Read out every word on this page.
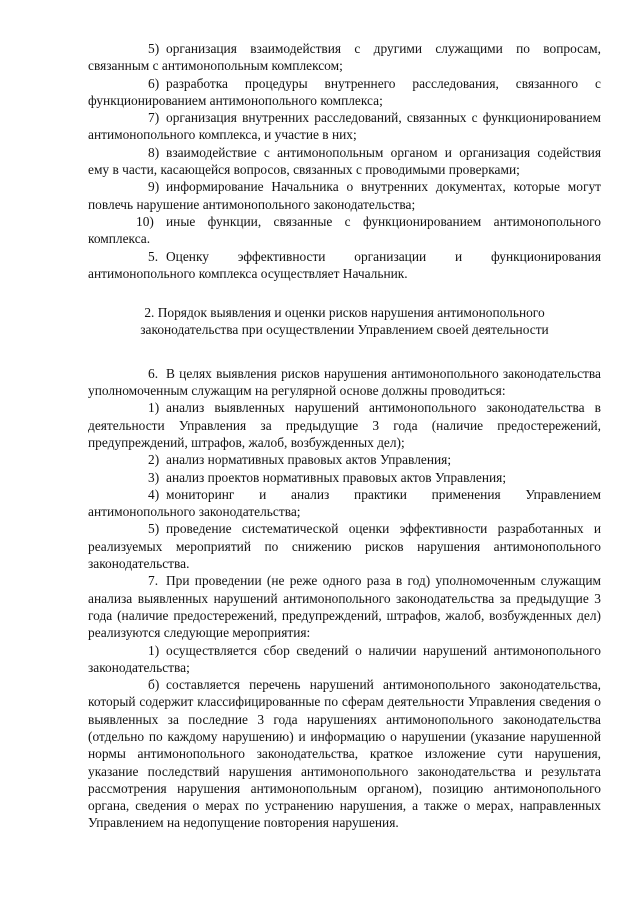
5) организация взаимодействия с другими служащими по вопросам, связанным с антимонопольным комплексом;

6) разработка процедуры внутреннего расследования, связанного с функционированием антимонопольного комплекса;

7) организация внутренних расследований, связанных с функционированием антимонопольного комплекса, и участие в них;

8) взаимодействие с антимонопольным органом и организация содействия ему в части, касающейся вопросов, связанных с проводимыми проверками;

9) информирование Начальника о внутренних документах, которые могут повлечь нарушение антимонопольного законодательства;

10) иные функции, связанные с функционированием антимонопольного комплекса.

5. Оценку эффективности организации и функционирования антимонопольного комплекса осуществляет Начальник.

2. Порядок выявления и оценки рисков нарушения антимонопольного
законодательства при осуществлении Управлением своей деятельности

6. В целях выявления рисков нарушения антимонопольного законодательства уполномоченным служащим на регулярной основе должны проводиться:

1) анализ выявленных нарушений антимонопольного законодательства в деятельности Управления за предыдущие 3 года (наличие предостережений, предупреждений, штрафов, жалоб, возбужденных дел);

2) анализ нормативных правовых актов Управления;

3) анализ проектов нормативных правовых актов Управления;

4) мониторинг и анализ практики применения Управлением антимонопольного законодательства;

5) проведение систематической оценки эффективности разработанных и реализуемых мероприятий по снижению рисков нарушения антимонопольного законодательства.

7. При проведении (не реже одного раза в год) уполномоченным служащим анализа выявленных нарушений антимонопольного законодательства за предыдущие 3 года (наличие предостережений, предупреждений, штрафов, жалоб, возбужденных дел) реализуются следующие мероприятия:

1) осуществляется сбор сведений о наличии нарушений антимонопольного законодательства;

б) составляется перечень нарушений антимонопольного законодательства, который содержит классифицированные по сферам деятельности Управления сведения о выявленных за последние 3 года нарушениях антимонопольного законодательства (отдельно по каждому нарушению) и информацию о нарушении (указание нарушенной нормы антимонопольного законодательства, краткое изложение сути нарушения, указание последствий нарушения антимонопольного законодательства и результата рассмотрения нарушения антимонопольным органом), позицию антимонопольного органа, сведения о мерах по устранению нарушения, а также о мерах, направленных Управлением на недопущение повторения нарушения.
